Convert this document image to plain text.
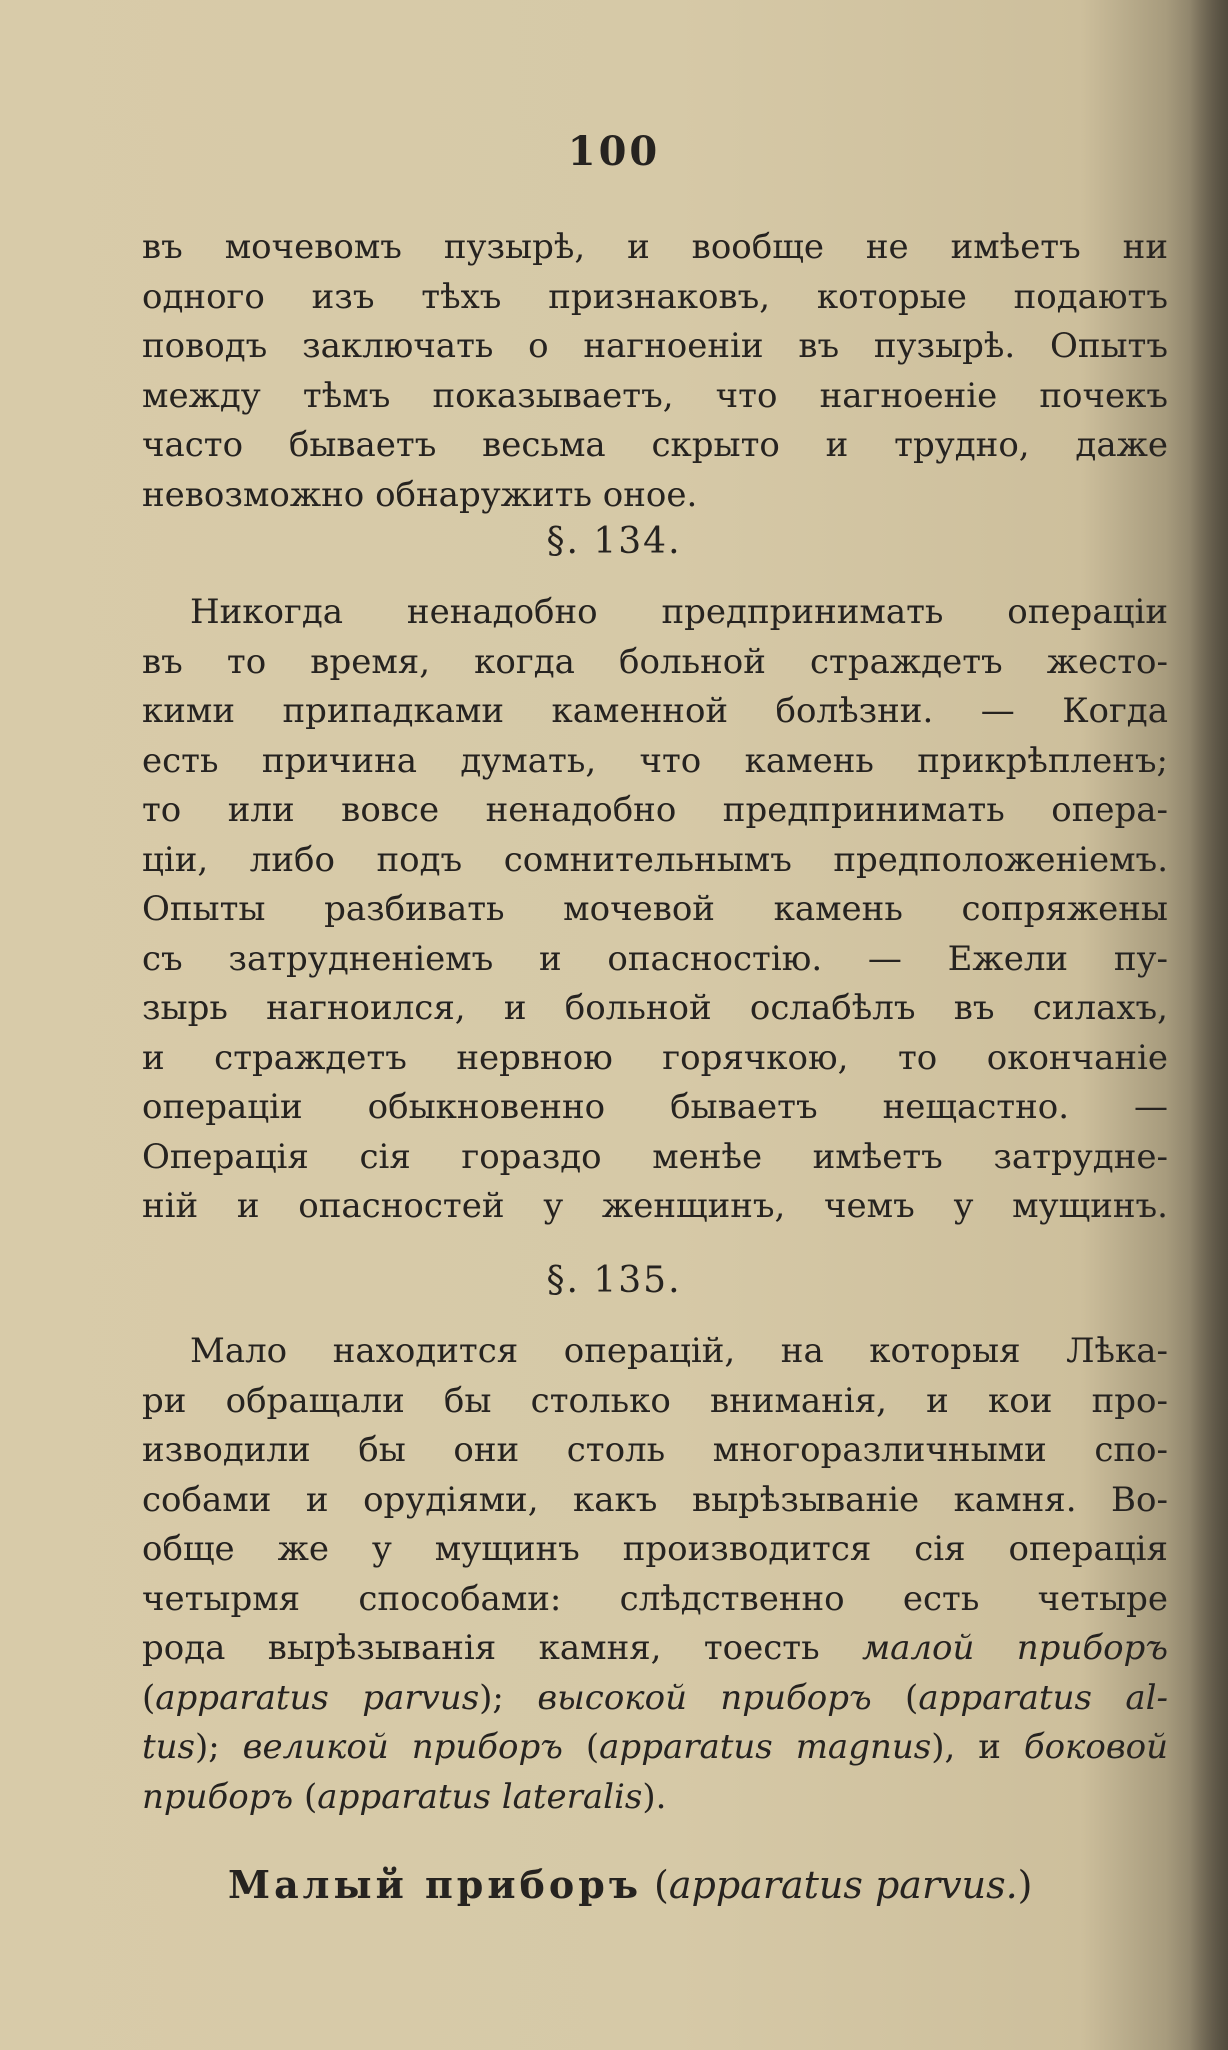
100
въ мочевомъ пузырѣ, и вообще не имѣетъ ни
одного изъ тѣхъ признаковъ, которые подаютъ
поводъ заключать о нагноеніи въ пузырѣ. Опытъ
между тѣмъ показываетъ, что нагноеніе почекъ
часто бываетъ весьма скрыто и трудно, даже
невозможно обнаружить оное.
§. 134.
Никогда ненадобно предпринимать операціи
въ то время, когда больной страждетъ жесто-
кими припадками каменной болѣзни. — Когда
есть причина думать, что камень прикрѣпленъ;
то или вовсе ненадобно предпринимать опера-
ціи, либо подъ сомнительнымъ предположеніемъ.
Опыты разбивать мочевой камень сопряжены
съ затрудненіемъ и опасностію. — Ежели пу-
зырь нагноился, и больной ослабѣлъ въ силахъ,
и страждетъ нервною горячкою, то окончаніе
операціи обыкновенно бываетъ нещастно. —
Операція сія гораздо менѣе имѣетъ затрудне-
ній и опасностей у женщинъ, чемъ у мущинъ.
§. 135.
Мало находится операцій, на которыя Лѣка-
ри обращали бы столько вниманія, и кои про-
изводили бы они столь многоразличными спо-
собами и орудіями, какъ вырѣзываніе камня. Во-
обще же у мущинъ производится сія операція
четырмя способами: слѣдственно есть четыре
рода вырѣзыванія камня, тоесть малой приборъ
(apparatus parvus); высокой приборъ (apparatus al-
tus); великой приборъ (apparatus magnus), и боковой
приборъ (apparatus lateralis).
Малый приборъ (apparatus parvus.)
